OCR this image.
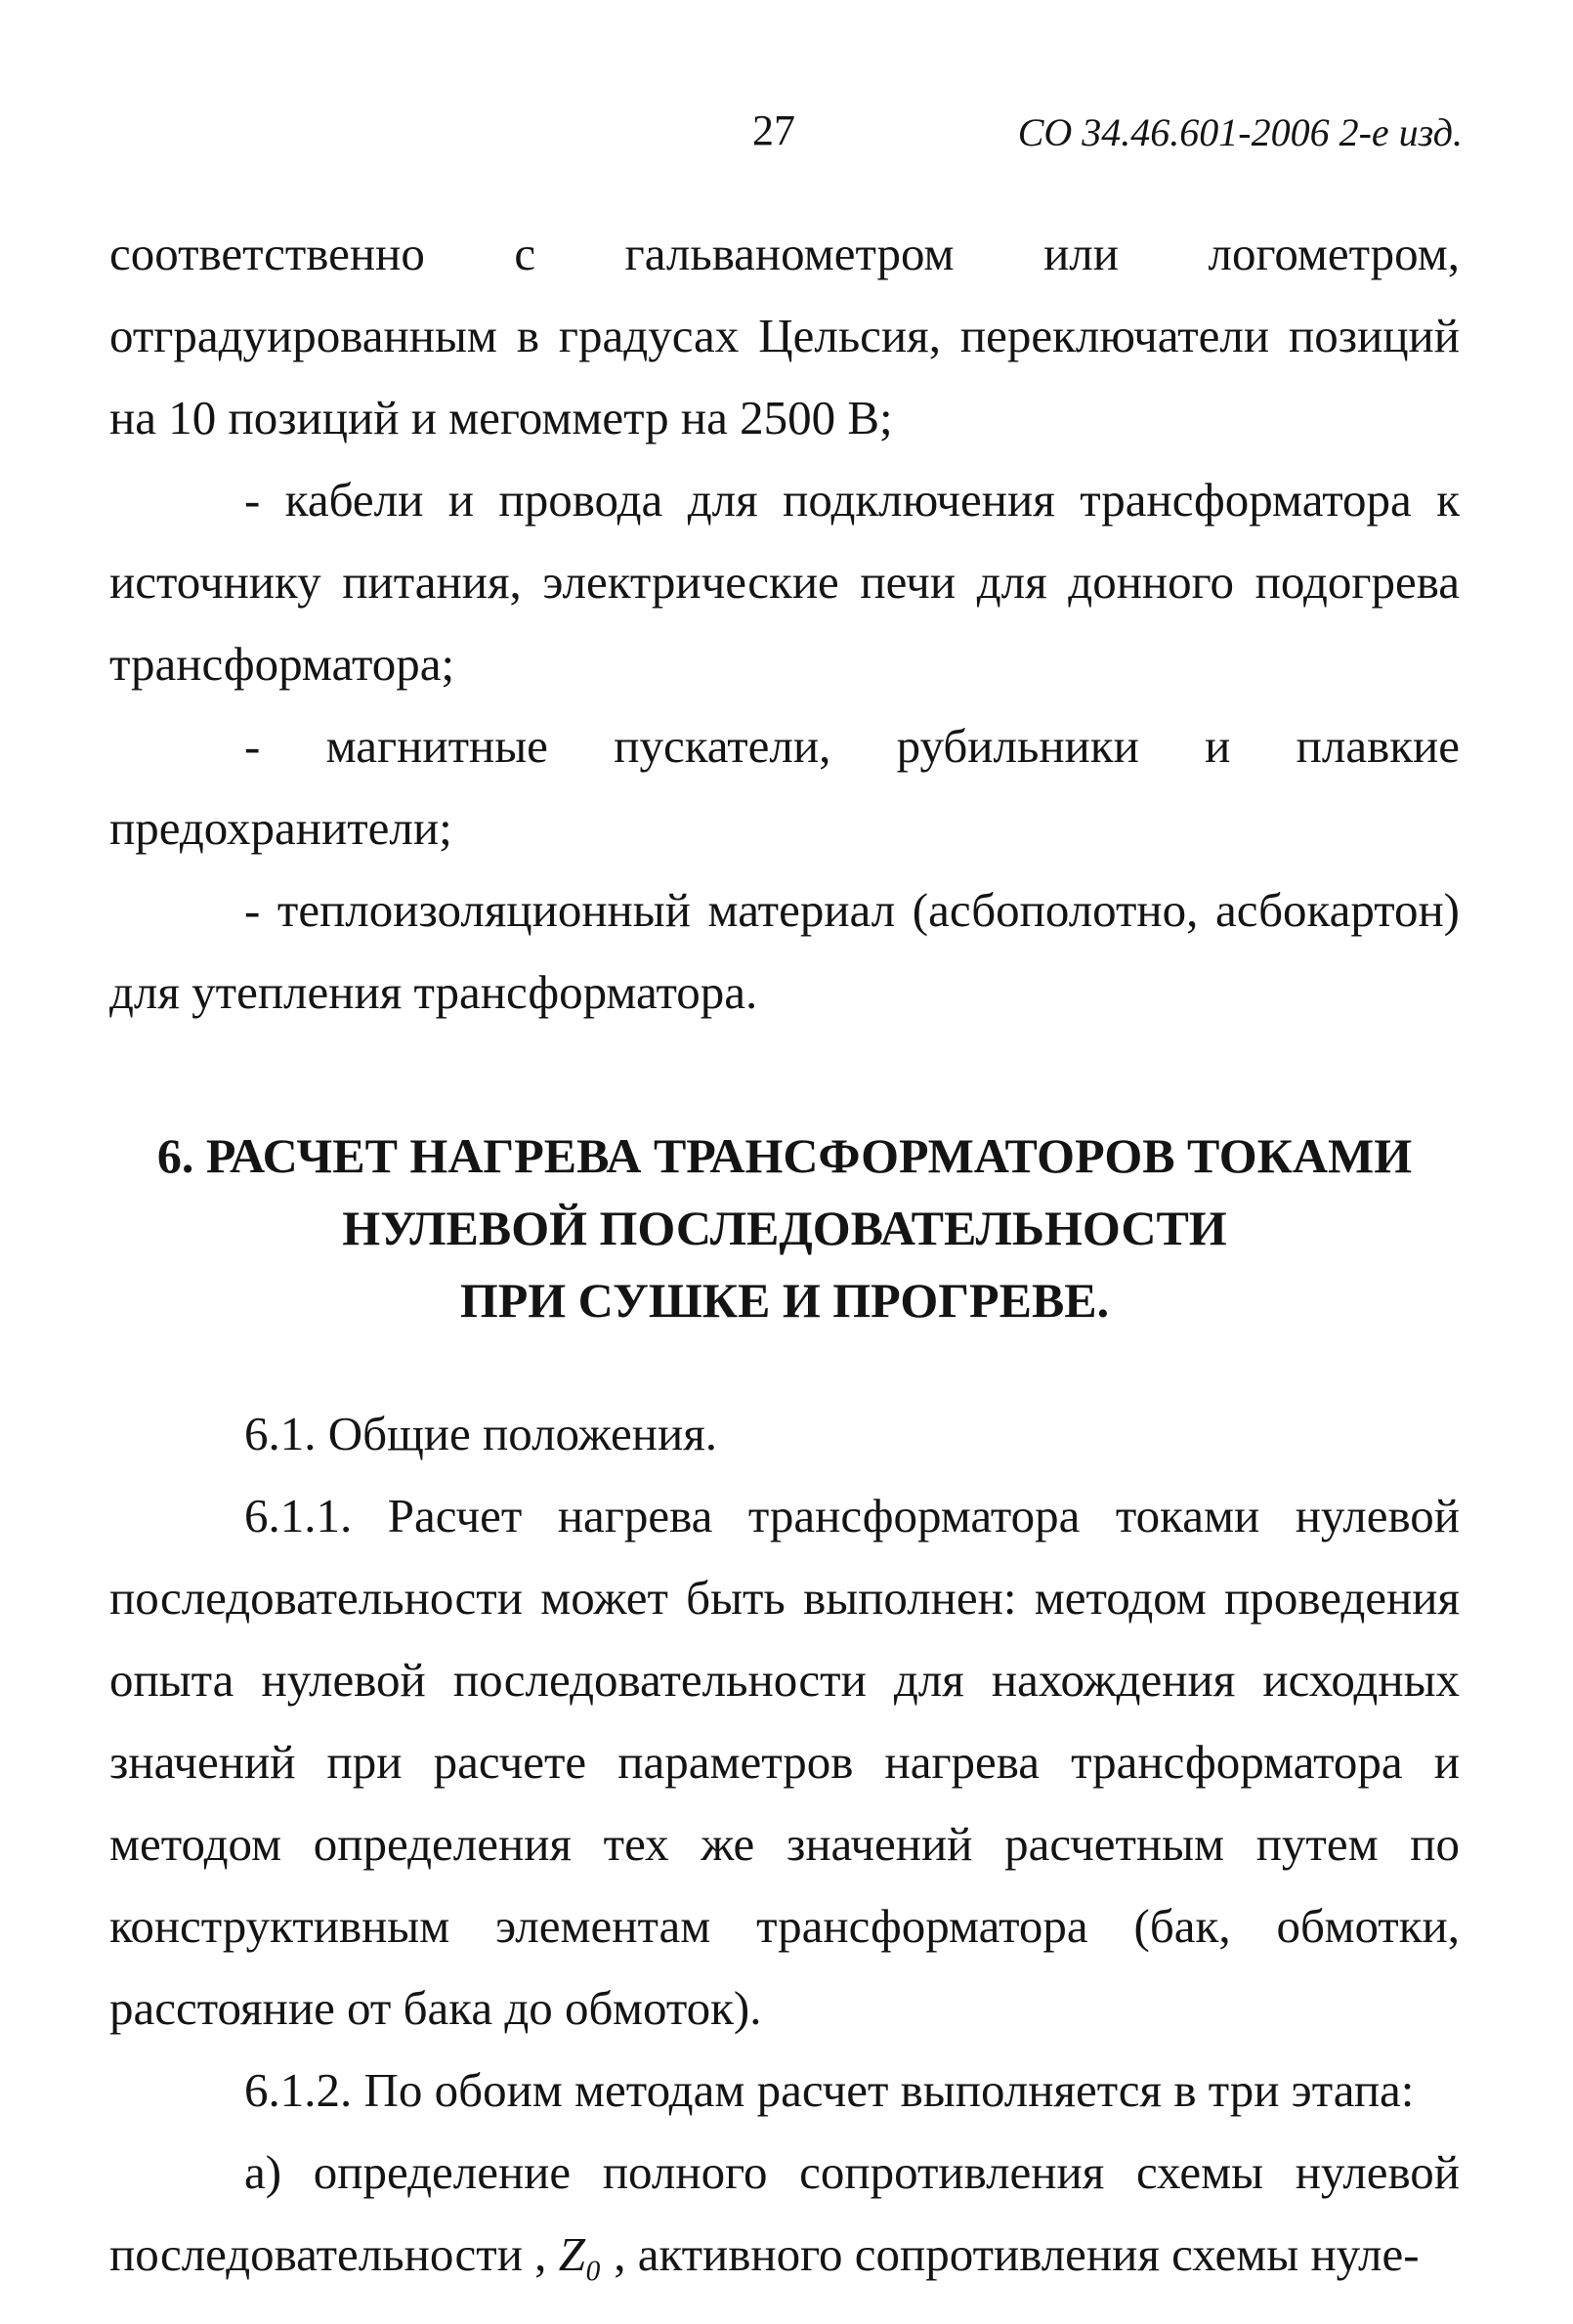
27	СО 34.46.601-2006 2-е изд.

соответственно с гальванометром или логометром, отградуированным в градусах Цельсия, переключатели позиций на 10 позиций и мегомметр на 2500 В;

- кабели и провода для подключения трансформатора к источнику питания, электрические печи для донного подогрева трансформатора;

- магнитные пускатели, рубильники и плавкие предохранители;

- теплоизоляционный материал (асбополотно, асбокартон) для утепления трансформатора.

6. РАСЧЕТ НАГРЕВА ТРАНСФОРМАТОРОВ ТОКАМИ
НУЛЕВОЙ ПОСЛЕДОВАТЕЛЬНОСТИ
ПРИ СУШКЕ И ПРОГРЕВЕ.

6.1. Общие положения.

6.1.1. Расчет нагрева трансформатора токами нулевой последовательности может быть выполнен: методом проведения опыта нулевой последовательности для нахождения исходных значений при расчете параметров нагрева трансформатора и методом определения тех же значений расчетным путем по конструктивным элементам трансформатора (бак, обмотки, расстояние от бака до обмоток).

6.1.2. По обоим методам расчет выполняется в три этапа:

а) определение полного сопротивления схемы нулевой последовательности , Z₀ , активного сопротивления схемы нуле-
